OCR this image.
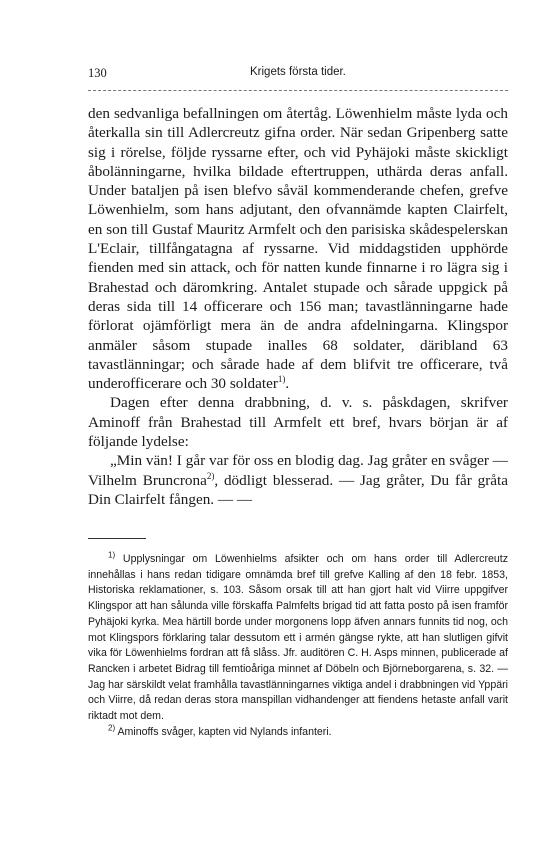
130	Krigets första tider.

den sedvanliga befallningen om återtåg. Löwenhielm måste lyda och återkalla sin till Adlercreutz gifna order. När sedan Gripenberg satte sig i rörelse, följde ryssarne efter, och vid Pyhäjoki måste skickligt åbolänningarne, hvilka bildade eftertruppen, uthärda deras anfall. Under bataljen på isen blefvo såväl kommenderande chefen, grefve Löwenhielm, som hans adjutant, den ofvannämde kapten Clairfelt, en son till Gustaf Mauritz Armfelt och den parisiska skådespelerskan L'Eclair, tillfångatagna af ryssarne. Vid middagstiden upphörde fienden med sin attack, och för natten kunde finnarne i ro lägra sig i Brahestad och däromkring. Antalet stupade och sårade uppgick på deras sida till 14 officerare och 156 man; tavastlänningarne hade förlorat ojämförligt mera än de andra afdelningarna. Klingspor anmäler såsom stupade inalles 68 soldater, däribland 63 tavastlänningar; och sårade hade af dem blifvit tre officerare, två underofficerare och 30 soldater$^{1)}$.

Dagen efter denna drabbning, d. v. s. påskdagen, skrifver Aminoff från Brahestad till Armfelt ett bref, hvars början är af följande lydelse:

„Min vän! I går var för oss en blodig dag. Jag gråter en svåger — Vilhelm Bruncrona$^{2)}$, dödligt blesserad. — Jag gråter, Du får gråta Din Clairfelt fången. — —

$^{1)}$ Upplysningar om Löwenhielms afsikter och om hans order till Adlercreutz innehållas i hans redan tidigare omnämda bref till grefve Kalling af den 18 febr. 1853, Historiska reklamationer, s. 103. Såsom orsak till att han gjort halt vid Viirre uppgifver Klingspor att han sålunda ville förskaffa Palmfelts brigad tid att fatta posto på isen framför Pyhäjoki kyrka. Mea härtill borde under morgonens lopp äfven annars funnits tid nog, och mot Klingspors förklaring talar dessutom ett i armén gängse rykte, att han slutligen gifvit vika för Löwenhielms fordran att få slåss. Jfr. auditören C. H. Asps minnen, publicerade af Rancken i arbetet Bidrag till femtioåriga minnet af Döbeln och Björneborgarena, s. 32. — Jag har särskildt velat framhålla tavastlänningarnes viktiga andel i drabbningen vid Yppäri och Viirre, då redan deras stora manspillan vidhandenger att fiendens hetaste anfall varit riktadt mot dem.

$^{2)}$ Aminoffs svåger, kapten vid Nylands infanteri.
